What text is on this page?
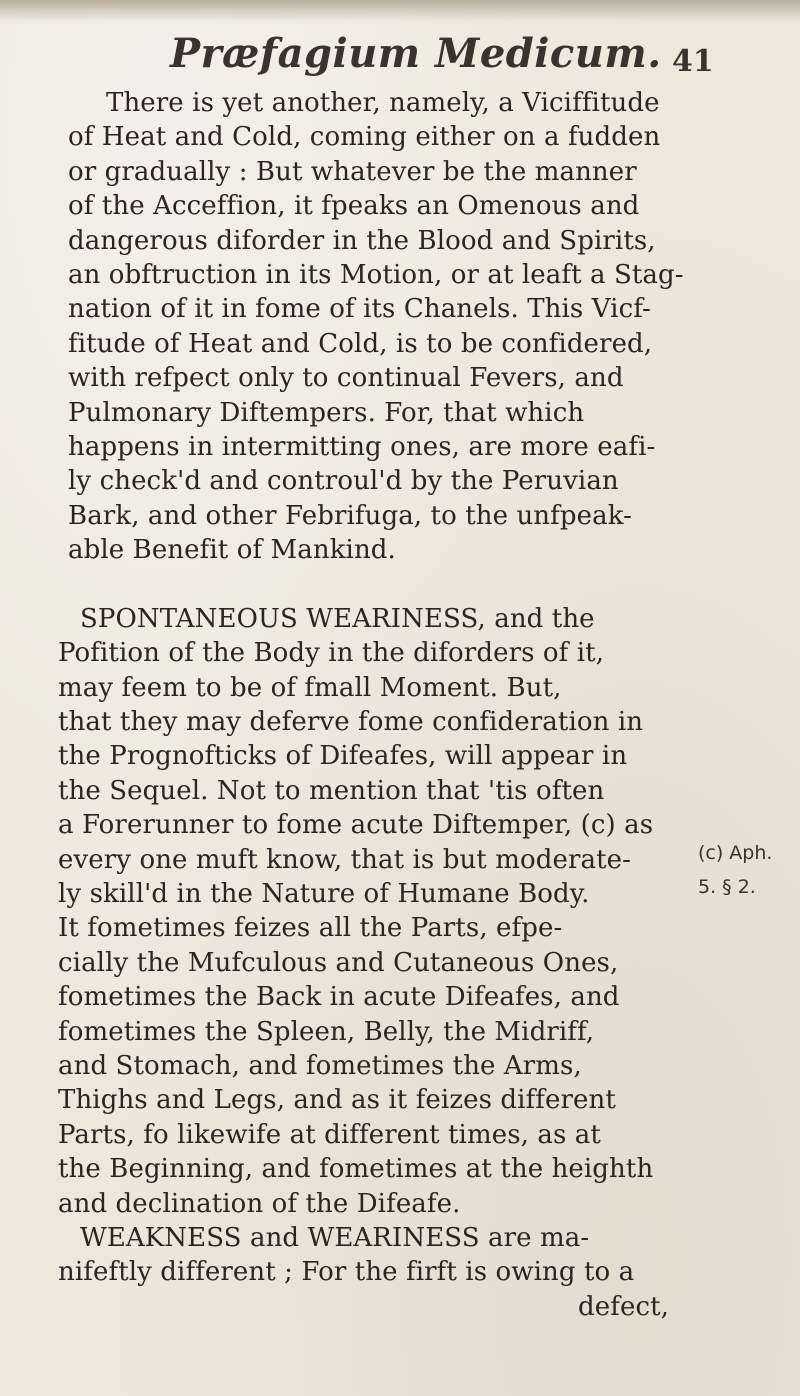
Præfagium Medicum. 41
There is yet another, namely, a Viciffitude
of Heat and Cold, coming either on a fudden
or gradually : But whatever be the manner
of the Acceffion, it fpeaks an Omenous and
dangerous diforder in the Blood and Spirits,
an obftruction in its Motion, or at leaft a Stag-
nation of it in fome of its Chanels. This Vicf-
fitude of Heat and Cold, is to be confidered,
with refpect only to continual Fevers, and
Pulmonary Diftempers. For, that which
happens in intermitting ones, are more eafi-
ly check'd and controul'd by the Peruvian
Bark, and other Febrifuga, to the unfpeak-
able Benefit of Mankind.
SPONTANEOUS WEARINESS, and the
Pofition of the Body in the diforders of it,
may feem to be of fmall Moment. But,
that they may deferve fome confideration in
the Prognofticks of Difeafes, will appear in
the Sequel. Not to mention that 'tis often
a Forerunner to fome acute Diftemper, (c) as
every one muft know, that is but moderate-
ly skill'd in the Nature of Humane Body.
It fometimes feizes all the Parts, efpe-
cially the Mufculous and Cutaneous Ones,
fometimes the Back in acute Difeafes, and
fometimes the Spleen, Belly, the Midriff,
and Stomach, and fometimes the Arms,
Thighs and Legs, and as it feizes different
Parts, fo likewife at different times, as at
the Beginning, and fometimes at the heighth
and declination of the Difeafe.
WEAKNESS and WEARINESS are ma-
nifeftly different ; For the firft is owing to a
defect,
(c) Aph.
5. § 2.
